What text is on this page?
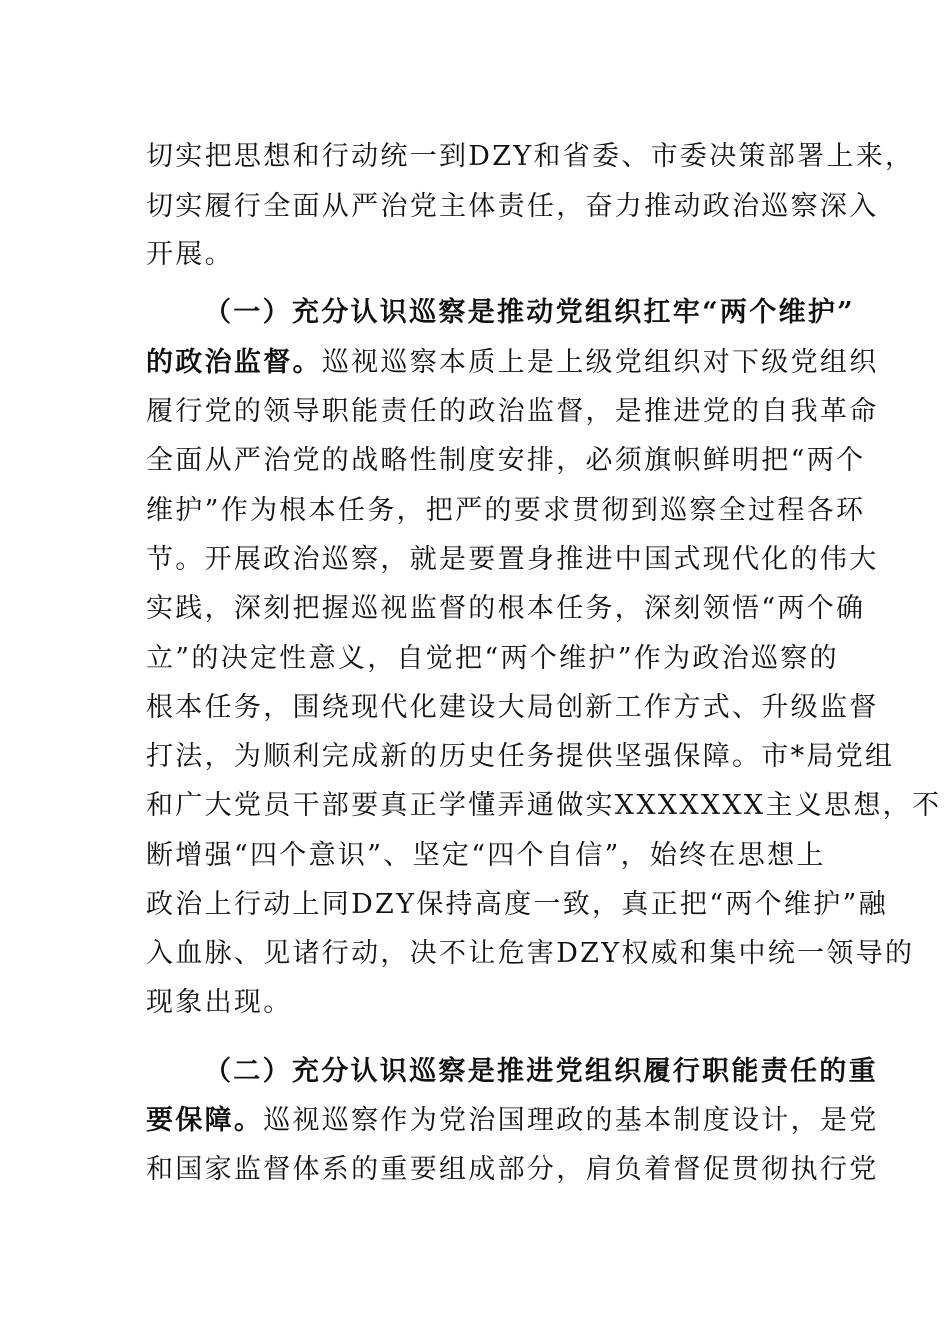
切实把思想和行动统一到DZY和省委、市委决策部署上来，
切实履行全面从严治党主体责任，奋力推动政治巡察深入
开展。
（一）充分认识巡察是推动党组织扛牢“两个维护”
的政治监督。巡视巡察本质上是上级党组织对下级党组织
履行党的领导职能责任的政治监督，是推进党的自我革命
全面从严治党的战略性制度安排，必须旗帜鲜明把“两个
维护”作为根本任务，把严的要求贯彻到巡察全过程各环
节。开展政治巡察，就是要置身推进中国式现代化的伟大
实践，深刻把握巡视监督的根本任务，深刻领悟“两个确
立”的决定性意义，自觉把“两个维护”作为政治巡察的
根本任务，围绕现代化建设大局创新工作方式、升级监督
打法，为顺利完成新的历史任务提供坚强保障。市*局党组
和广大党员干部要真正学懂弄通做实XXXXXXX主义思想，不
断增强“四个意识”、坚定“四个自信”，始终在思想上
政治上行动上同DZY保持高度一致，真正把“两个维护”融
入血脉、见诸行动，决不让危害DZY权威和集中统一领导的
现象出现。
（二）充分认识巡察是推进党组织履行职能责任的重
要保障。巡视巡察作为党治国理政的基本制度设计，是党
和国家监督体系的重要组成部分，肩负着督促贯彻执行党
